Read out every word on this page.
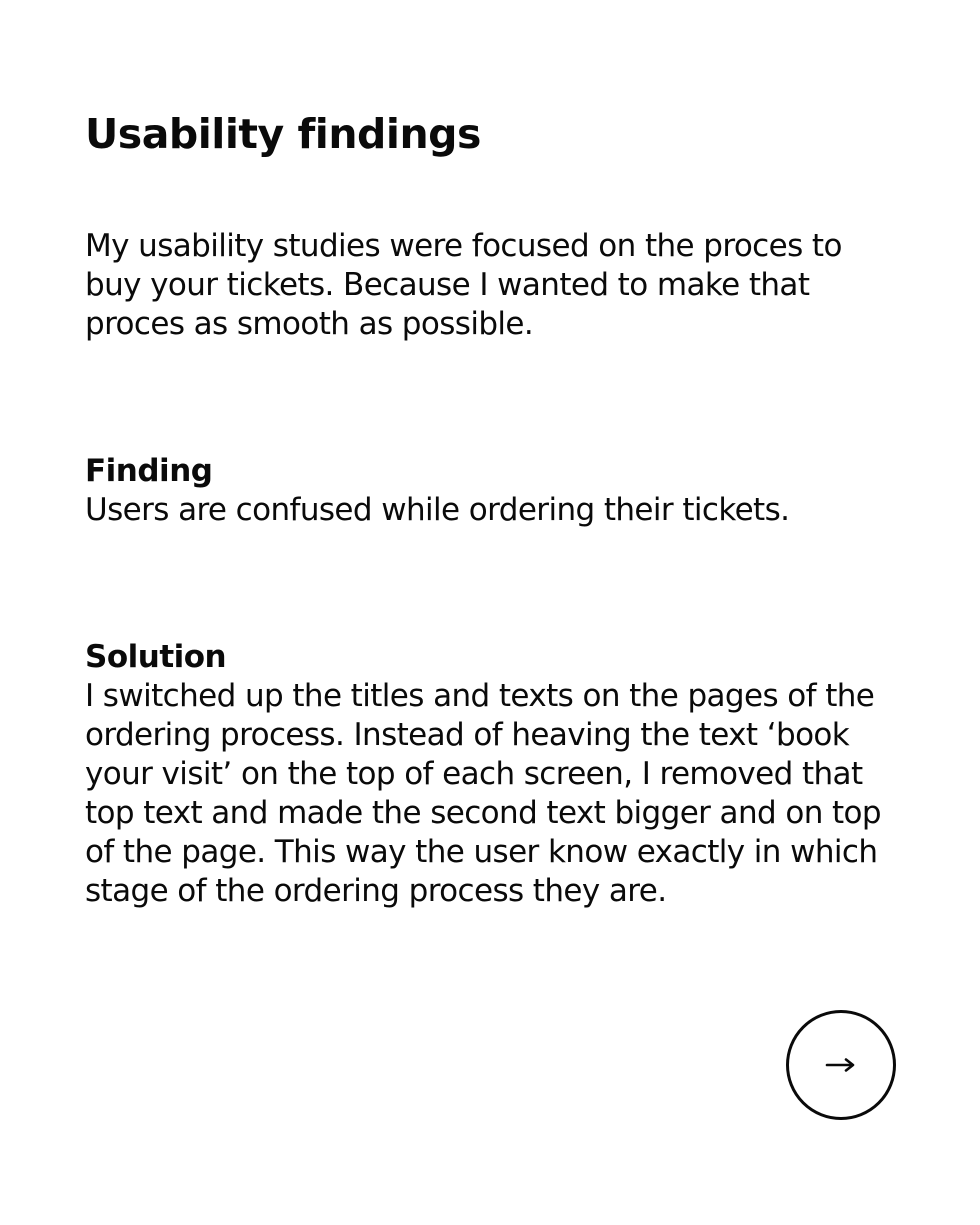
Usability findings

My usability studies were focused on the proces to buy your tickets. Because I wanted to make that proces as smooth as possible.

Finding
Users are confused while ordering their tickets.
Solution
I switched up the titles and texts on the pages of the ordering process. Instead of heaving the text ‘book your visit’ on the top of each screen, I removed that top text and made the second text bigger and on top of the page. This way the user know exactly in which stage of the ordering process they are.
